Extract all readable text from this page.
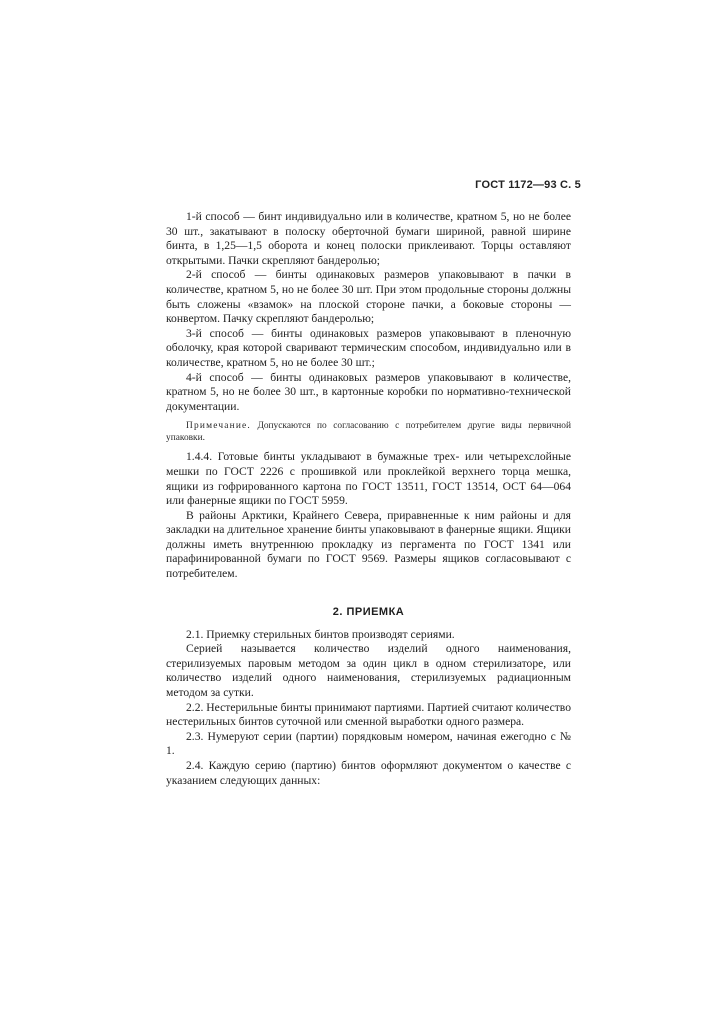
ГОСТ 1172—93 С. 5

1-й способ — бинт индивидуально или в количестве, кратном 5, но не более 30 шт., закатывают в полоску оберточной бумаги шириной, равной ширине бинта, в 1,25—1,5 оборота и конец полоски приклеивают. Торцы оставляют открытыми. Пачки скрепляют бандеролью;

2-й способ — бинты одинаковых размеров упаковывают в пачки в количестве, кратном 5, но не более 30 шт. При этом продольные стороны должны быть сложены «взамок» на плоской стороне пачки, а боковые стороны — конвертом. Пачку скрепляют бандеролью;

3-й способ — бинты одинаковых размеров упаковывают в пленочную оболочку, края которой сваривают термическим способом, индивидуально или в количестве, кратном 5, но не более 30 шт.;

4-й способ — бинты одинаковых размеров упаковывают в количестве, кратном 5, но не более 30 шт., в картонные коробки по нормативно-технической документации.

Примечание. Допускаются по согласованию с потребителем другие виды первичной упаковки.

1.4.4. Готовые бинты укладывают в бумажные трех- или четырехслойные мешки по ГОСТ 2226 с прошивкой или проклейкой верхнего торца мешка, ящики из гофрированного картона по ГОСТ 13511, ГОСТ 13514, ОСТ 64—064 или фанерные ящики по ГОСТ 5959.

В районы Арктики, Крайнего Севера, приравненные к ним районы и для закладки на длительное хранение бинты упаковывают в фанерные ящики. Ящики должны иметь внутреннюю прокладку из пергамента по ГОСТ 1341 или парафинированной бумаги по ГОСТ 9569. Размеры ящиков согласовывают с потребителем.

2. ПРИЕМКА

2.1. Приемку стерильных бинтов производят сериями.

Серией называется количество изделий одного наименования, стерилизуемых паровым методом за один цикл в одном стерилизаторе, или количество изделий одного наименования, стерилизуемых радиационным методом за сутки.

2.2. Нестерильные бинты принимают партиями. Партией считают количество нестерильных бинтов суточной или сменной выработки одного размера.

2.3. Нумеруют серии (партии) порядковым номером, начиная ежегодно с № 1.

2.4. Каждую серию (партию) бинтов оформляют документом о качестве с указанием следующих данных:
